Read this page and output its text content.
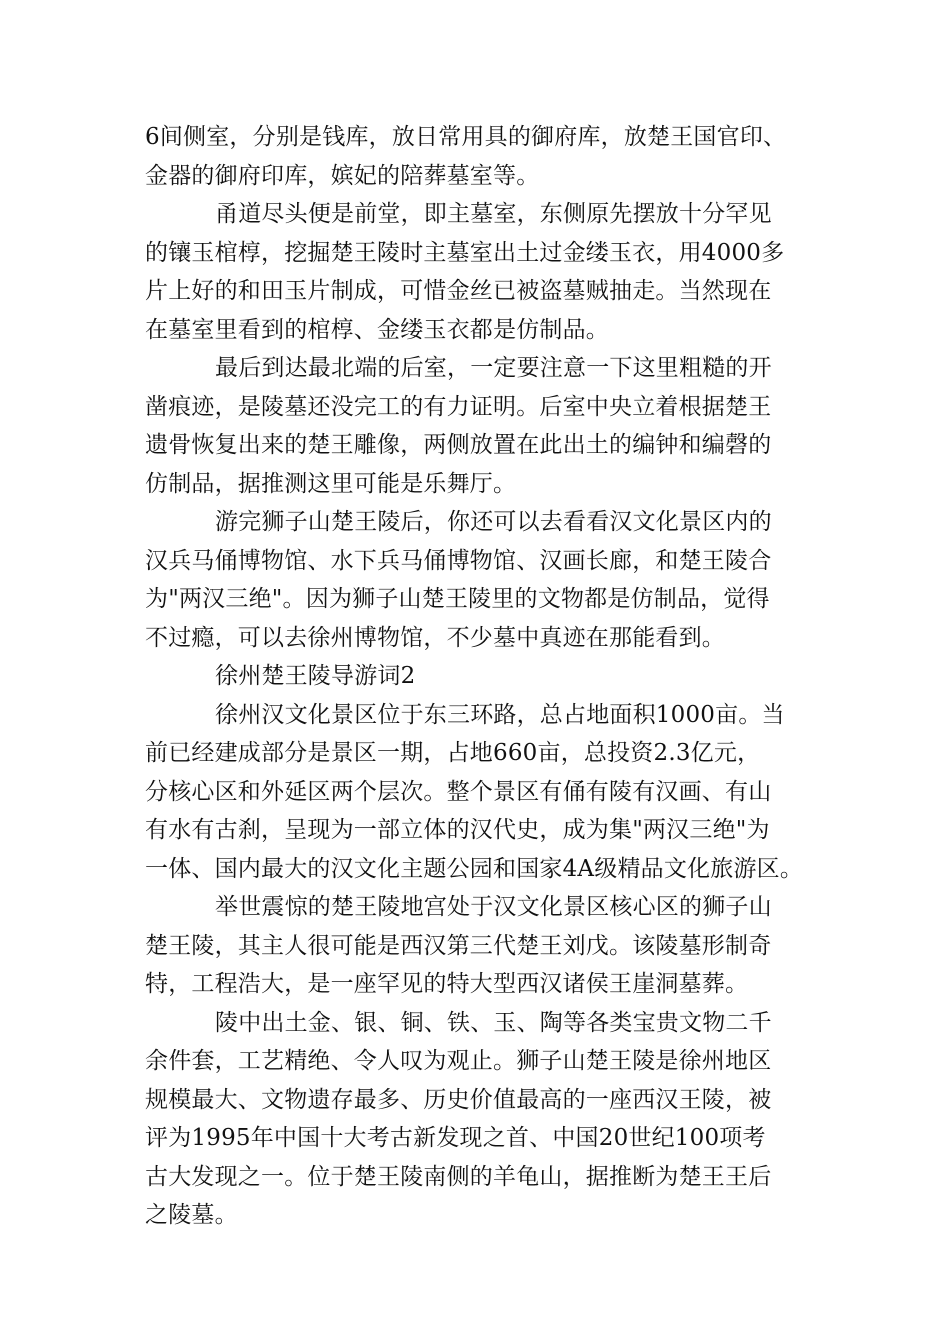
6间侧室，分别是钱库，放日常用具的御府库，放楚王国官印、
金器的御府印库，嫔妃的陪葬墓室等。
甬道尽头便是前堂，即主墓室，东侧原先摆放十分罕见
的镶玉棺椁，挖掘楚王陵时主墓室出土过金缕玉衣，用4000多
片上好的和田玉片制成，可惜金丝已被盗墓贼抽走。当然现在
在墓室里看到的棺椁、金缕玉衣都是仿制品。
最后到达最北端的后室，一定要注意一下这里粗糙的开
凿痕迹，是陵墓还没完工的有力证明。后室中央立着根据楚王
遗骨恢复出来的楚王雕像，两侧放置在此出土的编钟和编磬的
仿制品，据推测这里可能是乐舞厅。
游完狮子山楚王陵后，你还可以去看看汉文化景区内的
汉兵马俑博物馆、水下兵马俑博物馆、汉画长廊，和楚王陵合
为"两汉三绝"。因为狮子山楚王陵里的文物都是仿制品，觉得
不过瘾，可以去徐州博物馆，不少墓中真迹在那能看到。
徐州楚王陵导游词2
徐州汉文化景区位于东三环路，总占地面积1000亩。当
前已经建成部分是景区一期，占地660亩，总投资2.3亿元，
分核心区和外延区两个层次。整个景区有俑有陵有汉画、有山
有水有古刹，呈现为一部立体的汉代史，成为集"两汉三绝"为
一体、国内最大的汉文化主题公园和国家4A级精品文化旅游区。
举世震惊的楚王陵地宫处于汉文化景区核心区的狮子山
楚王陵，其主人很可能是西汉第三代楚王刘戊。该陵墓形制奇
特，工程浩大，是一座罕见的特大型西汉诸侯王崖洞墓葬。
陵中出土金、银、铜、铁、玉、陶等各类宝贵文物二千
余件套，工艺精绝、令人叹为观止。狮子山楚王陵是徐州地区
规模最大、文物遗存最多、历史价值最高的一座西汉王陵，被
评为1995年中国十大考古新发现之首、中国20世纪100项考
古大发现之一。位于楚王陵南侧的羊龟山，据推断为楚王王后
之陵墓。
